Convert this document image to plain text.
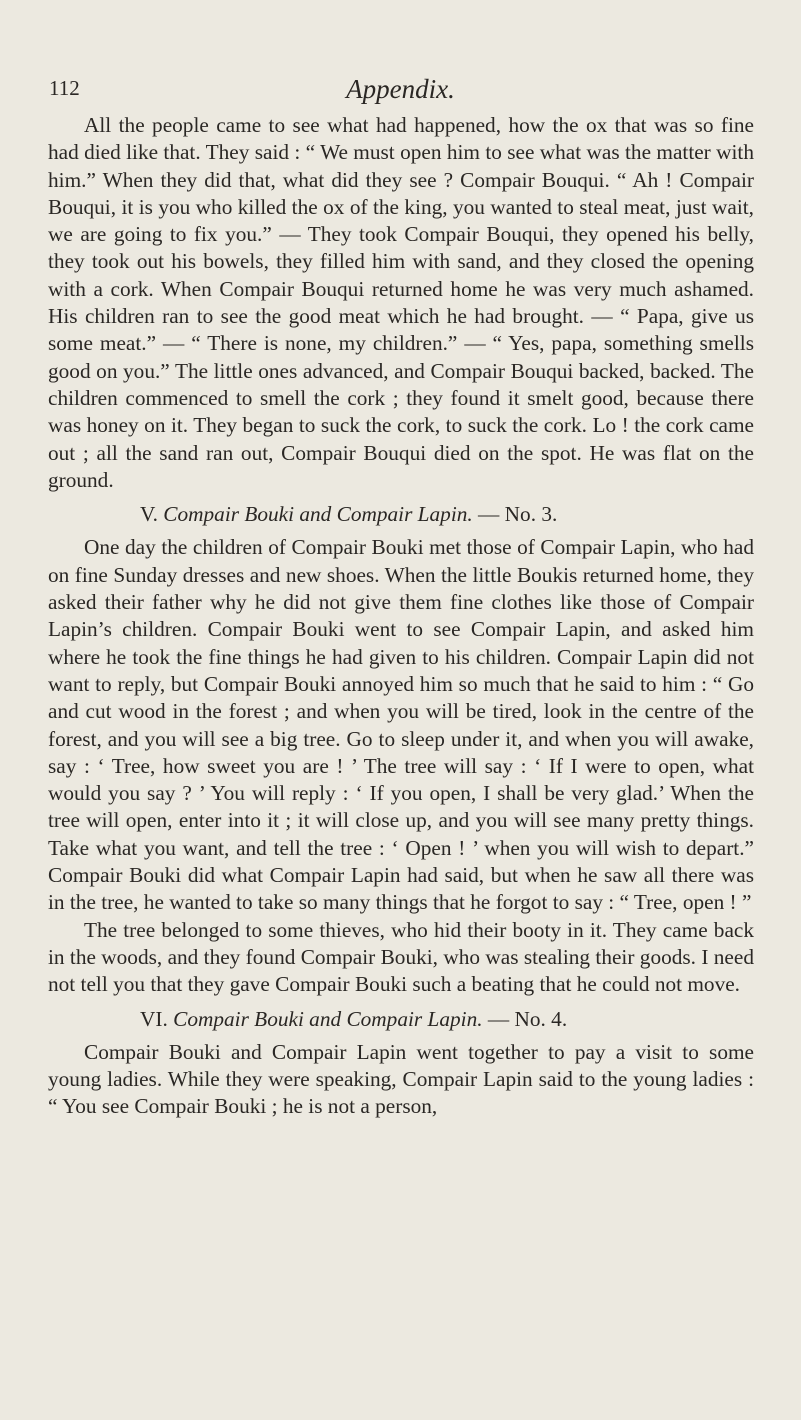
112	Appendix.

All the people came to see what had happened, how the ox that was so fine had died like that. They said : “ We must open him to see what was the matter with him.” When they did that, what did they see ? Compair Bouqui. “ Ah ! Compair Bouqui, it is you who killed the ox of the king, you wanted to steal meat, just wait, we are going to fix you.” — They took Compair Bouqui, they opened his belly, they took out his bowels, they filled him with sand, and they closed the opening with a cork. When Compair Bouqui returned home he was very much ashamed. His children ran to see the good meat which he had brought. — “ Papa, give us some meat.” — “ There is none, my children.” — “ Yes, papa, something smells good on you.” The little ones advanced, and Compair Bouqui backed, backed. The children commenced to smell the cork ; they found it smelt good, because there was honey on it. They began to suck the cork, to suck the cork. Lo ! the cork came out ; all the sand ran out, Compair Bouqui died on the spot. He was flat on the ground.

V. Compair Bouki and Compair Lapin. — No. 3.

One day the children of Compair Bouki met those of Compair Lapin, who had on fine Sunday dresses and new shoes. When the little Boukis returned home, they asked their father why he did not give them fine clothes like those of Compair Lapin’s children. Compair Bouki went to see Compair Lapin, and asked him where he took the fine things he had given to his children. Compair Lapin did not want to reply, but Compair Bouki annoyed him so much that he said to him : “ Go and cut wood in the forest ; and when you will be tired, look in the centre of the forest, and you will see a big tree. Go to sleep under it, and when you will awake, say : ‘ Tree, how sweet you are ! ’ The tree will say : ‘ If I were to open, what would you say ? ’ You will reply : ‘ If you open, I shall be very glad.’ When the tree will open, enter into it ; it will close up, and you will see many pretty things. Take what you want, and tell the tree : ‘ Open ! ’ when you will wish to depart.” Compair Bouki did what Compair Lapin had said, but when he saw all there was in the tree, he wanted to take so many things that he forgot to say : “ Tree, open ! ”

The tree belonged to some thieves, who hid their booty in it. They came back in the woods, and they found Compair Bouki, who was stealing their goods. I need not tell you that they gave Compair Bouki such a beating that he could not move.

VI. Compair Bouki and Compair Lapin. — No. 4.

Compair Bouki and Compair Lapin went together to pay a visit to some young ladies. While they were speaking, Compair Lapin said to the young ladies : “ You see Compair Bouki ; he is not a person,
